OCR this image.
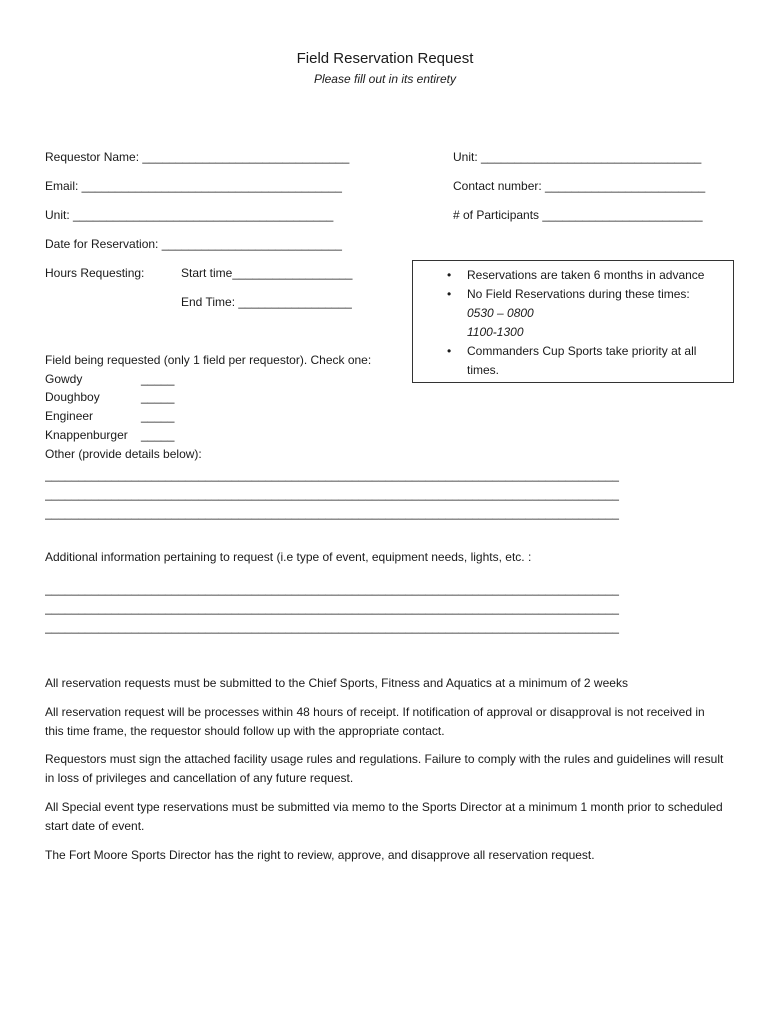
Field Reservation Request
Please fill out in its entirety
Requestor Name: _______________________________	Unit: _________________________________
Email: _______________________________________	Contact number: ________________________
Unit: _______________________________________	# of Participants ________________________
Date for Reservation: ___________________________
Hours Requesting:	Start time__________________
End Time: _________________
• Reservations are taken 6 months in advance
• No Field Reservations during these times:
0530 – 0800
1100-1300
• Commanders Cup Sports take priority at all
times.
Field being requested (only 1 field per requestor). Check one:
Gowdy	_____
Doughboy	_____
Engineer	_____
Knappenburger _____
Other (provide details below):
______________________________________________________________________________________
______________________________________________________________________________________
______________________________________________________________________________________
Additional information pertaining to request (i.e type of event, equipment needs, lights, etc. :
______________________________________________________________________________________
______________________________________________________________________________________
______________________________________________________________________________________
All reservation requests must be submitted to the Chief Sports, Fitness and Aquatics at a minimum of 2 weeks
All reservation request will be processes within 48 hours of receipt. If notification of approval or disapproval is not received in this time frame, the requestor should follow up with the appropriate contact.
Requestors must sign the attached facility usage rules and regulations. Failure to comply with the rules and guidelines will result in loss of privileges and cancellation of any future request.
All Special event type reservations must be submitted via memo to the Sports Director at a minimum 1 month prior to scheduled start date of event.
The Fort Moore Sports Director has the right to review, approve, and disapprove all reservation request.
